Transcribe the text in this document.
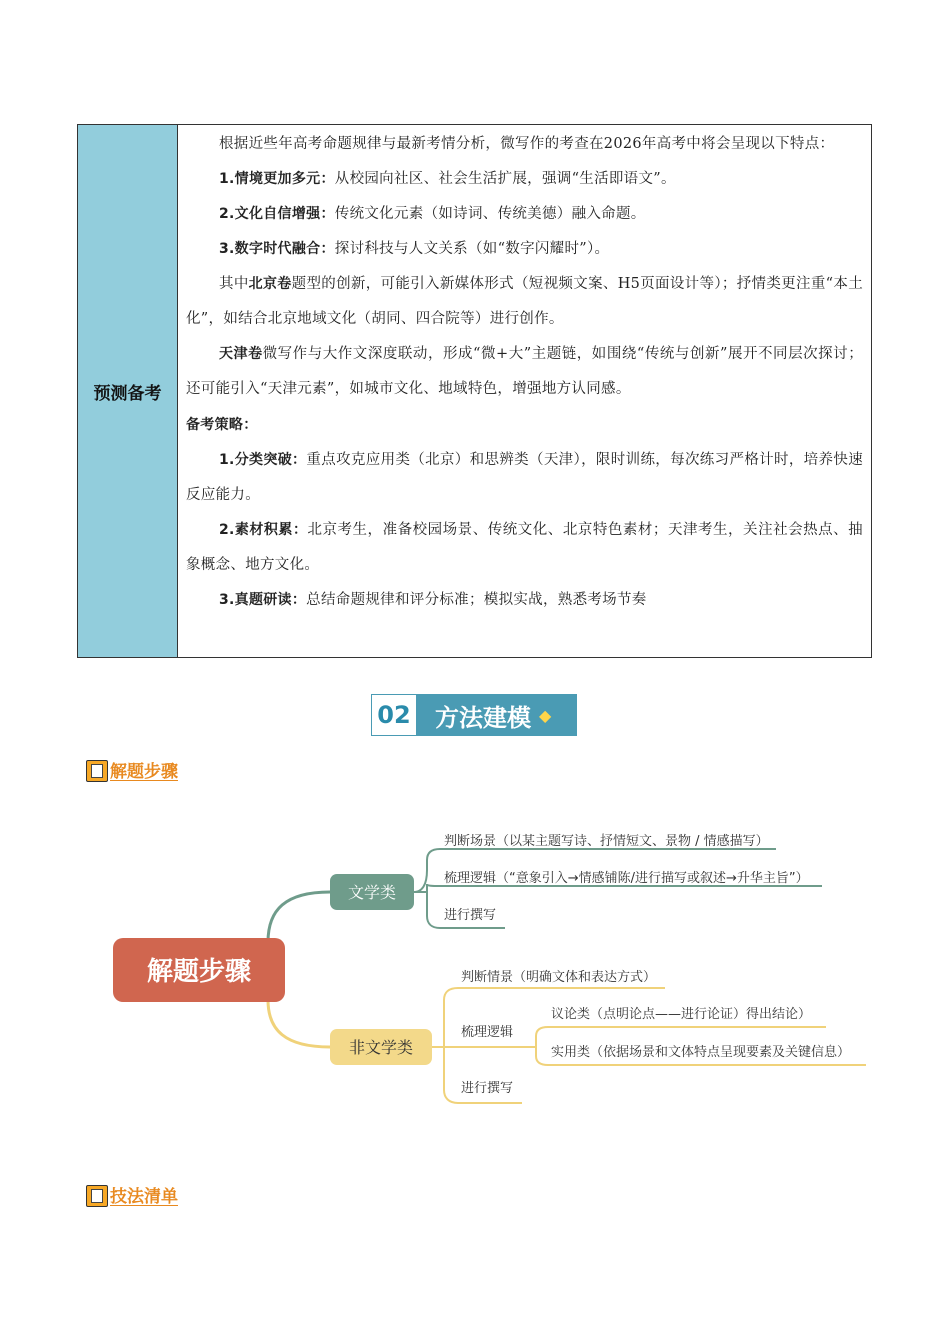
预测备考
根据近些年高考命题规律与最新考情分析，微写作的考查在2026年高考中将会呈现以下特点：
1.情境更加多元：从校园向社区、社会生活扩展，强调“生活即语文”。
2.文化自信增强：传统文化元素（如诗词、传统美德）融入命题。
3.数字时代融合：探讨科技与人文关系（如“数字闪耀时”）。
其中北京卷题型的创新，可能引入新媒体形式（短视频文案、H5页面设计等）；抒情类更注重“本土化”，如结合北京地域文化（胡同、四合院等）进行创作。
天津卷微写作与大作文深度联动，形成“微+大”主题链，如围绕“传统与创新”展开不同层次探讨；还可能引入“天津元素”，如城市文化、地域特色，增强地方认同感。
备考策略：
1.分类突破：重点攻克应用类（北京）和思辨类（天津），限时训练，每次练习严格计时，培养快速反应能力。
2.素材积累：北京考生，准备校园场景、传统文化、北京特色素材；天津考生，关注社会热点、抽象概念、地方文化。
3.真题研读：总结命题规律和评分标准；模拟实战，熟悉考场节奏
02 方法建模 ◆
解题步骤
解题步骤
文学类
非文学类
判断场景（以某主题写诗、抒情短文、景物 / 情感描写）
梳理逻辑（“意象引入→情感铺陈/进行描写或叙述→升华主旨”）
进行撰写
判断情景（明确文体和表达方式）
梳理逻辑
议论类（点明论点——进行论证）得出结论）
实用类（依据场景和文体特点呈现要素及关键信息）
进行撰写
技法清单
